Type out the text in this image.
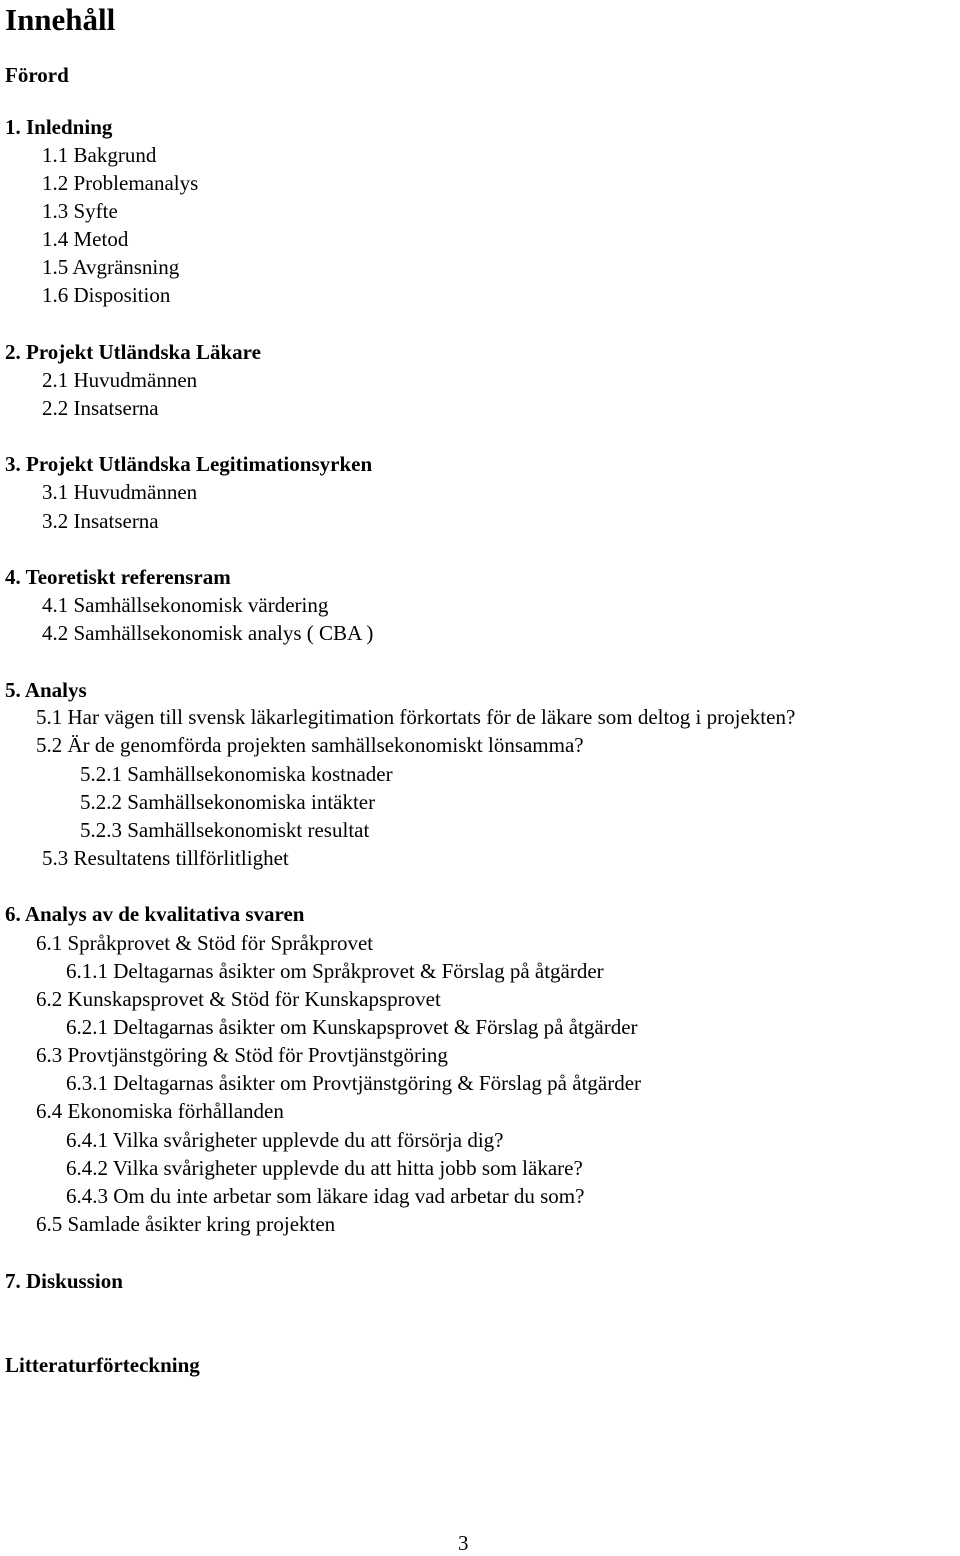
Innehåll
Förord
1. Inledning
1.1 Bakgrund
1.2 Problemanalys
1.3 Syfte
1.4 Metod
1.5 Avgränsning
1.6 Disposition
2. Projekt Utländska Läkare
2.1 Huvudmännen
2.2 Insatserna
3. Projekt Utländska Legitimationsyrken
3.1 Huvudmännen
3.2 Insatserna
4. Teoretiskt referensram
4.1 Samhällsekonomisk värdering
4.2 Samhällsekonomisk analys ( CBA )
5. Analys
5.1 Har vägen till svensk läkarlegitimation förkortats för de läkare som deltog i projekten?
5.2 Är de genomförda projekten samhällsekonomiskt lönsamma?
5.2.1 Samhällsekonomiska kostnader
5.2.2 Samhällsekonomiska intäkter
5.2.3 Samhällsekonomiskt resultat
5.3 Resultatens tillförlitlighet
6. Analys av de kvalitativa svaren
6.1 Språkprovet & Stöd för Språkprovet
6.1.1 Deltagarnas åsikter om Språkprovet & Förslag på åtgärder
6.2 Kunskapsprovet & Stöd för Kunskapsprovet
6.2.1 Deltagarnas åsikter om Kunskapsprovet & Förslag på åtgärder
6.3 Provtjänstgöring & Stöd för Provtjänstgöring
6.3.1 Deltagarnas åsikter om Provtjänstgöring & Förslag på åtgärder
6.4 Ekonomiska förhållanden
6.4.1 Vilka svårigheter upplevde du att försörja dig?
6.4.2 Vilka svårigheter upplevde du att hitta jobb som läkare?
6.4.3 Om du inte arbetar som läkare idag vad arbetar du som?
6.5 Samlade åsikter kring projekten
7. Diskussion
Litteraturförteckning
3
